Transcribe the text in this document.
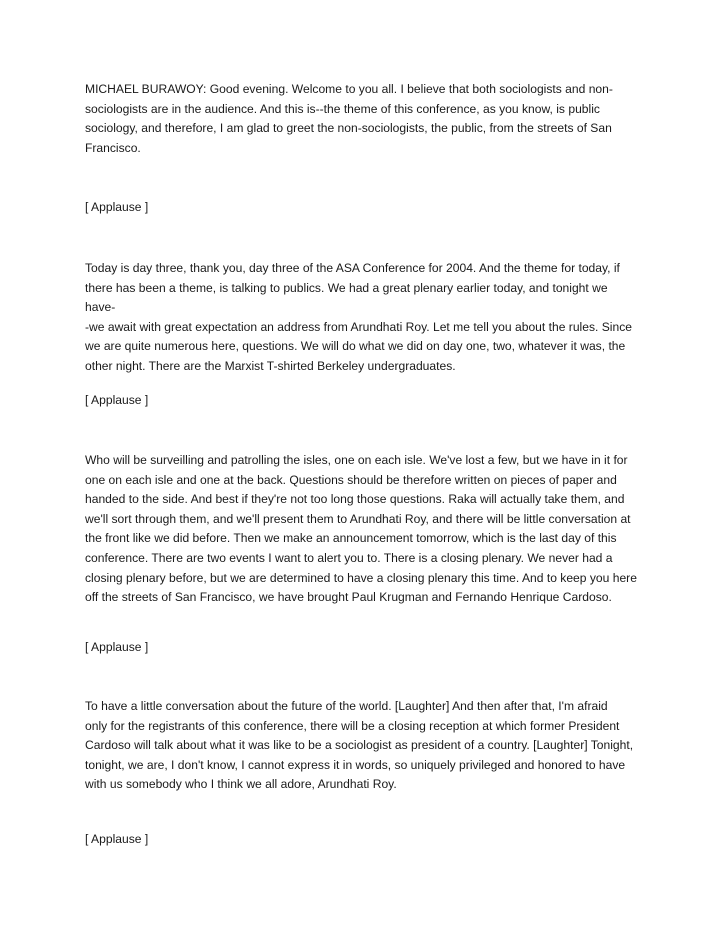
MICHAEL BURAWOY: Good evening. Welcome to you all. I believe that both sociologists and non-
sociologists are in the audience. And this is--the theme of this conference, as you know, is public
sociology, and therefore, I am glad to greet the non-sociologists, the public, from the streets of San
Francisco.

[ Applause ]

Today is day three, thank you, day three of the ASA Conference for 2004. And the theme for today, if
there has been a theme, is talking to publics. We had a great plenary earlier today, and tonight we have-
-we await with great expectation an address from Arundhati Roy. Let me tell you about the rules. Since
we are quite numerous here, questions. We will do what we did on day one, two, whatever it was, the
other night. There are the Marxist T-shirted Berkeley undergraduates.

[ Applause ]

Who will be surveilling and patrolling the isles, one on each isle. We've lost a few, but we have in it for
one on each isle and one at the back. Questions should be therefore written on pieces of paper and
handed to the side. And best if they're not too long those questions. Raka will actually take them, and
we'll sort through them, and we'll present them to Arundhati Roy, and there will be little conversation at
the front like we did before. Then we make an announcement tomorrow, which is the last day of this
conference. There are two events I want to alert you to. There is a closing plenary. We never had a
closing plenary before, but we are determined to have a closing plenary this time. And to keep you here
off the streets of San Francisco, we have brought Paul Krugman and Fernando Henrique Cardoso.

[ Applause ]

To have a little conversation about the future of the world. [Laughter] And then after that, I'm afraid
only for the registrants of this conference, there will be a closing reception at which former President
Cardoso will talk about what it was like to be a sociologist as president of a country. [Laughter] Tonight,
tonight, we are, I don't know, I cannot express it in words, so uniquely privileged and honored to have
with us somebody who I think we all adore, Arundhati Roy.

[ Applause ]
